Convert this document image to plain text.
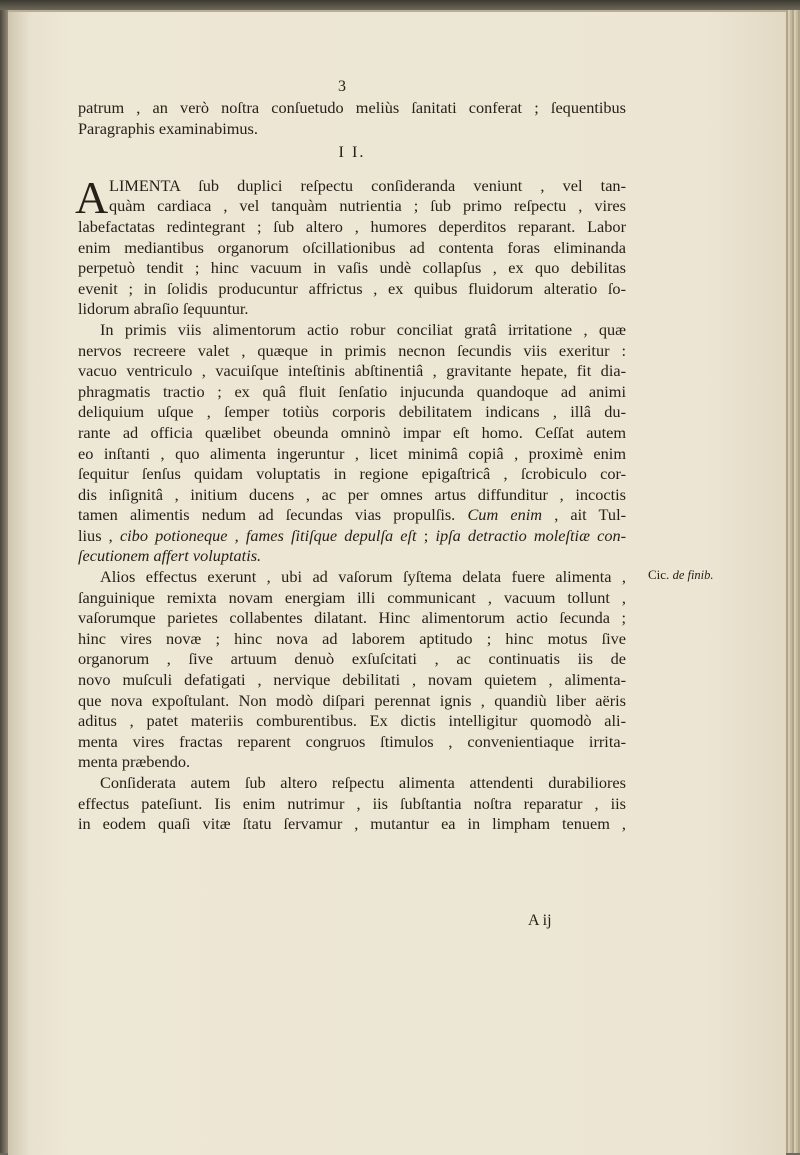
3
patrum , an verò noſtra conſuetudo meliùs ſanitati conferat ; ſequentibus
Paragraphis examinabimus.
I I.
A LIMENTA ſub duplici reſpectu conſideranda veniunt , vel tan-
quàm cardiaca , vel tanquàm nutrientia ; ſub primo reſpectu , vires
labefactatas redintegrant ; ſub altero , humores deperditos reparant. Labor
enim mediantibus organorum oſcillationibus ad contenta foras eliminanda
perpetuò tendit ; hinc vacuum in vaſis undè collapſus , ex quo debilitas
evenit ; in ſolidis producuntur affrictus , ex quibus fluidorum alteratio ſo-
lidorum abraſio ſequuntur.
In primis viis alimentorum actio robur conciliat gratâ irritatione , quæ
nervos recreere valet , quæque in primis necnon ſecundis viis exeritur :
vacuo ventriculo , vacuiſque inteſtinis abſtinentiâ , gravitante hepate, fit dia-
phragmatis tractio ; ex quâ fluit ſenſatio injucunda quandoque ad animi
deliquium uſque , ſemper totiùs corporis debilitatem indicans , illâ du-
rante ad officia quælibet obeunda omninò impar eſt homo. Ceſſat autem
eo inſtanti , quo alimenta ingeruntur , licet minimâ copiâ , proximè enim
ſequitur ſenſus quidam voluptatis in regione epigaſtricâ , ſcrobiculo cor-
dis inſignitâ , initium ducens , ac per omnes artus diffunditur , incoctis
tamen alimentis nedum ad ſecundas vias propulſis. Cum enim , ait Tul-
lius , cibo potioneque , fames ſitiſque depulſa eſt ; ipſa detractio moleſtiæ con-
ſecutionem affert voluptatis.
Alios effectus exerunt , ubi ad vaſorum ſyſtema delata fuere alimenta ,
ſanguinique remixta novam energiam illi communicant , vacuum tollunt ,
vaſorumque parietes collabentes dilatant. Hinc alimentorum actio ſecunda ;
hinc vires novæ ; hinc nova ad laborem aptitudo ; hinc motus ſive
organorum , ſive artuum denuò exſuſcitati , ac continuatis iis de
novo muſculi defatigati , nervique debilitati , novam quietem , alimenta-
que nova expoſtulant. Non modò diſpari perennat ignis , quandiù liber aëris
aditus , patet materiis comburentibus. Ex dictis intelligitur quomodò ali-
menta vires fractas reparent congruos ſtimulos , convenientiaque irrita-
menta præbendo.
Conſiderata autem ſub altero reſpectu alimenta attendenti durabiliores
effectus pateſiunt. Iis enim nutrimur , iis ſubſtantia noſtra reparatur , iis
in eodem quaſi vitæ ſtatu ſervamur , mutantur ea in limpham tenuem ,
Cic. de finib.
A ij
